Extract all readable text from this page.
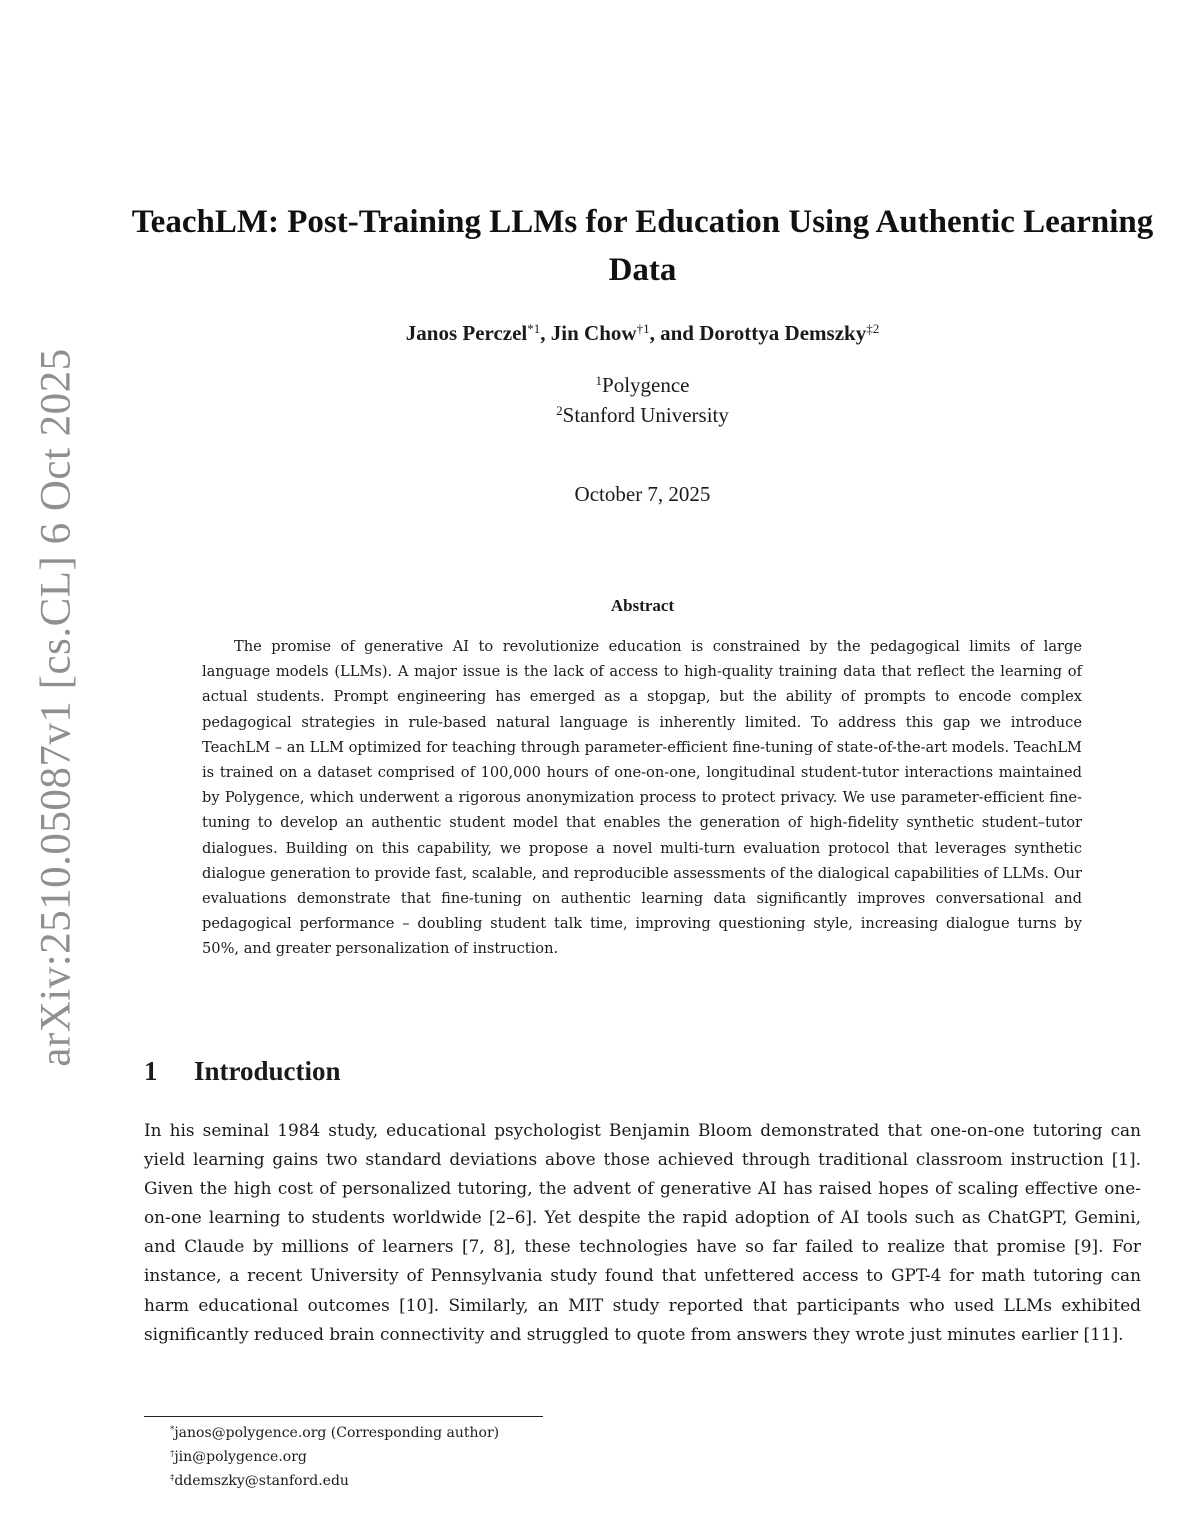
arXiv:2510.05087v1 [cs.CL] 6 Oct 2025
TeachLM: Post-Training LLMs for Education Using Authentic Learning Data
Janos Perczel$^{*1}$, Jin Chow$^{\dagger 1}$, and Dorottya Demszky$^{\ddagger 2}$
$^1$Polygence
$^2$Stanford University
October 7, 2025
Abstract

The promise of generative AI to revolutionize education is constrained by the pedagogical limits of large language models (LLMs). A major issue is the lack of access to high-quality training data that reflect the learning of actual students. Prompt engineering has emerged as a stopgap, but the ability of prompts to encode complex pedagogical strategies in rule-based natural language is inherently limited. To address this gap we introduce TeachLM – an LLM optimized for teaching through parameter-efficient fine-tuning of state-of-the-art models. TeachLM is trained on a dataset comprised of 100,000 hours of one-on-one, longitudinal student-tutor interactions maintained by Polygence, which underwent a rigorous anonymization process to protect privacy. We use parameter-efficient fine-tuning to develop an authentic student model that enables the generation of high-fidelity synthetic student–tutor dialogues. Building on this capability, we propose a novel multi-turn evaluation protocol that leverages synthetic dialogue generation to provide fast, scalable, and reproducible assessments of the dialogical capabilities of LLMs. Our evaluations demonstrate that fine-tuning on authentic learning data significantly improves conversational and pedagogical performance – doubling student talk time, improving questioning style, increasing dialogue turns by 50%, and greater personalization of instruction.

1 Introduction

In his seminal 1984 study, educational psychologist Benjamin Bloom demonstrated that one-on-one tutoring can yield learning gains two standard deviations above those achieved through traditional classroom instruction [1]. Given the high cost of personalized tutoring, the advent of generative AI has raised hopes of scaling effective one-on-one learning to students worldwide [2–6]. Yet despite the rapid adoption of AI tools such as ChatGPT, Gemini, and Claude by millions of learners [7, 8], these technologies have so far failed to realize that promise [9]. For instance, a recent University of Pennsylvania study found that unfettered access to GPT-4 for math tutoring can harm educational outcomes [10]. Similarly, an MIT study reported that participants who used LLMs exhibited significantly reduced brain connectivity and struggled to quote from answers they wrote just minutes earlier [11].

*janos@polygence.org (Corresponding author)
†jin@polygence.org
‡ddemszky@stanford.edu
